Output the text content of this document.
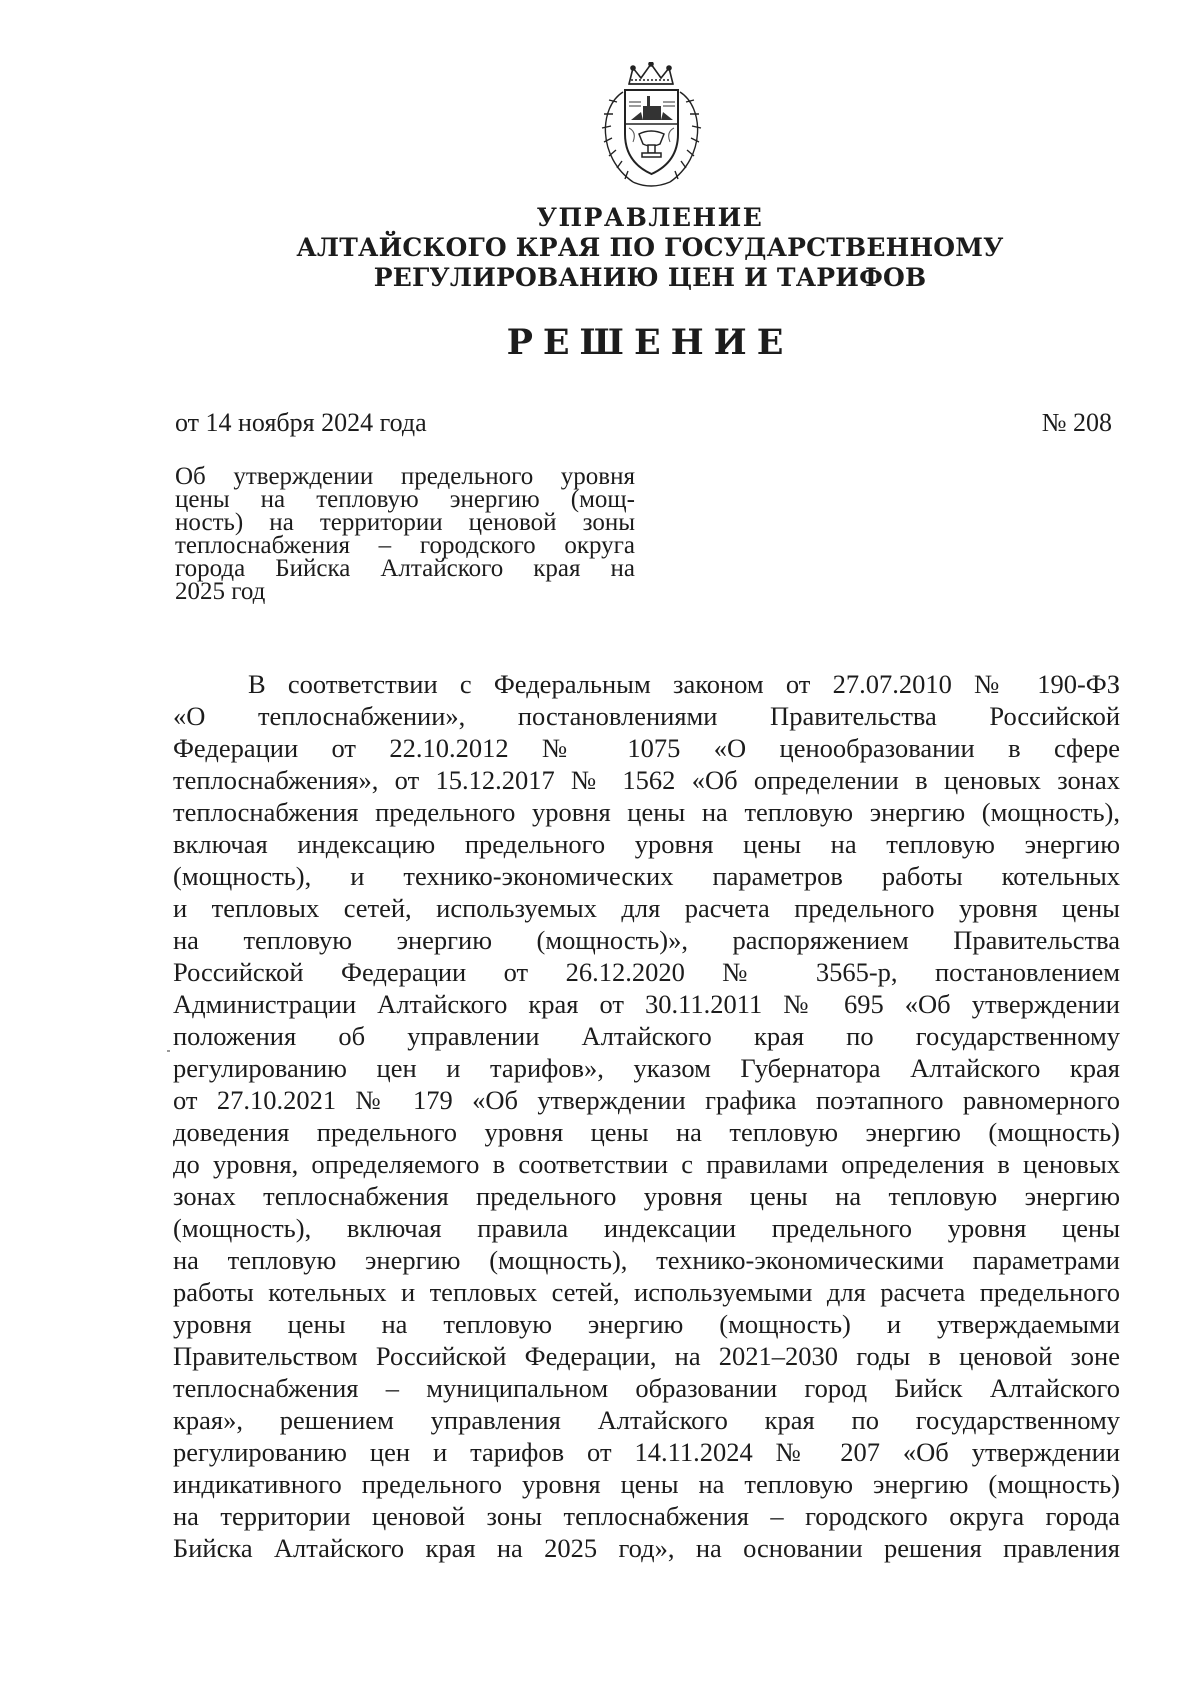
УПРАВЛЕНИЕ
АЛТАЙСКОГО КРАЯ ПО ГОСУДАРСТВЕННОМУ
РЕГУЛИРОВАНИЮ ЦЕН И ТАРИФОВ
РЕШЕНИЕ
от 14 ноября 2024 года	№ 208
Об утверждении предельного уровня
цены на тепловую энергию (мощ-
ность) на территории ценовой зоны
теплоснабжения – городского округа
города Бийска Алтайского края на
2025 год
В соответствии с Федеральным законом от 27.07.2010 № 190-ФЗ
«О теплоснабжении», постановлениями Правительства Российской
Федерации от 22.10.2012 № 1075 «О ценообразовании в сфере
теплоснабжения», от 15.12.2017 № 1562 «Об определении в ценовых зонах
теплоснабжения предельного уровня цены на тепловую энергию (мощность),
включая индексацию предельного уровня цены на тепловую энергию
(мощность), и технико-экономических параметров работы котельных
и тепловых сетей, используемых для расчета предельного уровня цены
на тепловую энергию (мощность)», распоряжением Правительства
Российской Федерации от 26.12.2020 № 3565-р, постановлением
Администрации Алтайского края от 30.11.2011 № 695 «Об утверждении
положения об управлении Алтайского края по государственному
регулированию цен и тарифов», указом Губернатора Алтайского края
от 27.10.2021 № 179 «Об утверждении графика поэтапного равномерного
доведения предельного уровня цены на тепловую энергию (мощность)
до уровня, определяемого в соответствии с правилами определения в ценовых
зонах теплоснабжения предельного уровня цены на тепловую энергию
(мощность), включая правила индексации предельного уровня цены
на тепловую энергию (мощность), технико-экономическими параметрами
работы котельных и тепловых сетей, используемыми для расчета предельного
уровня цены на тепловую энергию (мощность) и утверждаемыми
Правительством Российской Федерации, на 2021–2030 годы в ценовой зоне
теплоснабжения – муниципальном образовании город Бийск Алтайского
края», решением управления Алтайского края по государственному
регулированию цен и тарифов от 14.11.2024 № 207 «Об утверждении
индикативного предельного уровня цены на тепловую энергию (мощность)
на территории ценовой зоны теплоснабжения – городского округа города
Бийска Алтайского края на 2025 год», на основании решения правления
